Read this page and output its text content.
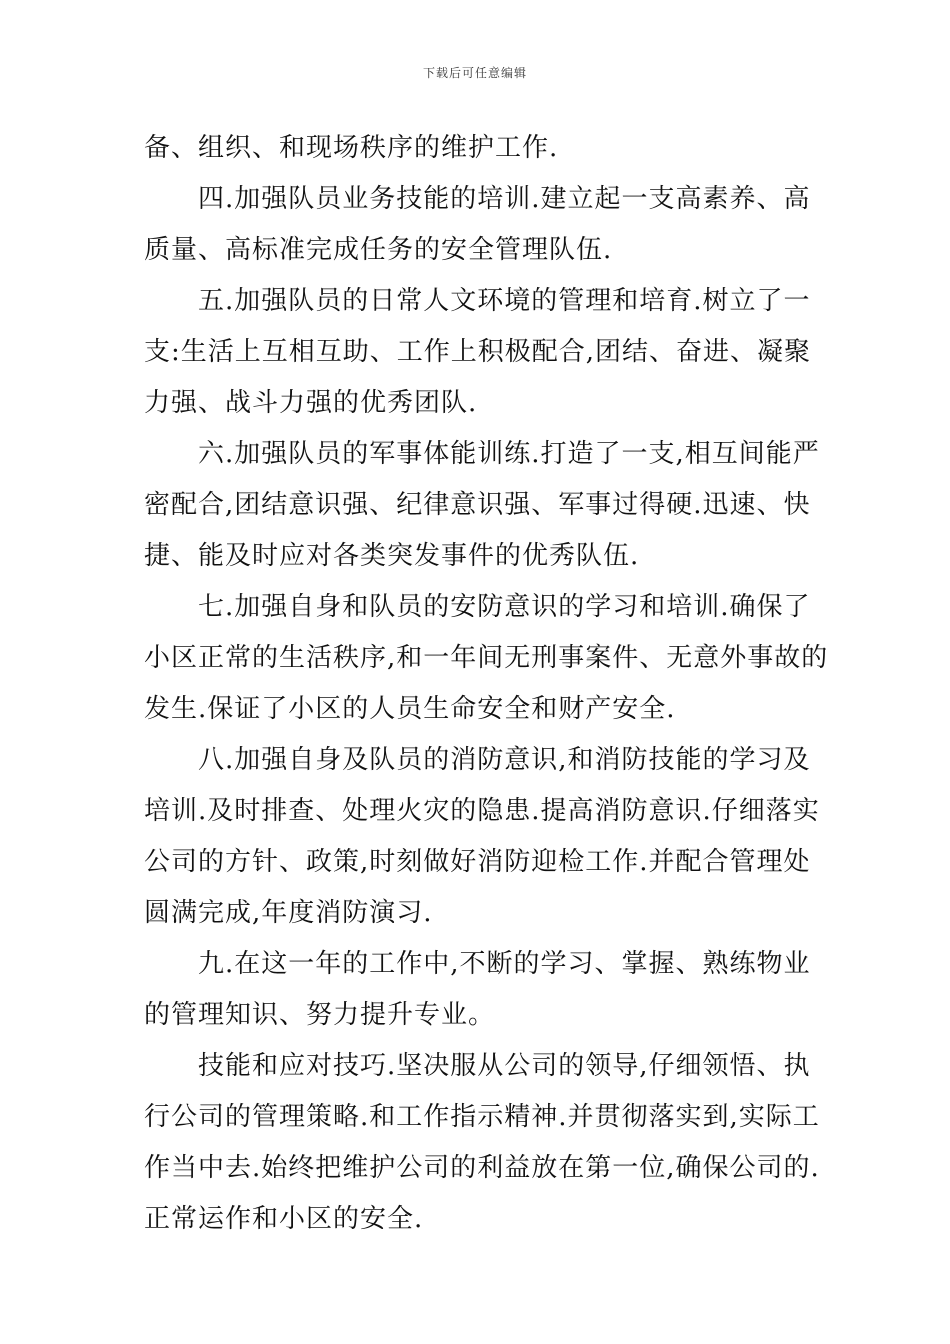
下载后可任意编辑
备、组织、和现场秩序的维护工作.
四.加强队员业务技能的培训.建立起一支高素养、高
质量、高标准完成任务的安全管理队伍.
五.加强队员的日常人文环境的管理和培育.树立了一
支:生活上互相互助、工作上积极配合,团结、奋进、凝聚
力强、战斗力强的优秀团队.
六.加强队员的军事体能训练.打造了一支,相互间能严
密配合,团结意识强、纪律意识强、军事过得硬.迅速、快
捷、能及时应对各类突发事件的优秀队伍.
七.加强自身和队员的安防意识的学习和培训.确保了
小区正常的生活秩序,和一年间无刑事案件、无意外事故的
发生.保证了小区的人员生命安全和财产安全.
八.加强自身及队员的消防意识,和消防技能的学习及
培训.及时排查、处理火灾的隐患.提高消防意识.仔细落实
公司的方针、政策,时刻做好消防迎检工作.并配合管理处
圆满完成,年度消防演习.
九.在这一年的工作中,不断的学习、掌握、熟练物业
的管理知识、努力提升专业。
技能和应对技巧.坚决服从公司的领导,仔细领悟、执
行公司的管理策略.和工作指示精神.并贯彻落实到,实际工
作当中去.始终把维护公司的利益放在第一位,确保公司的.
正常运作和小区的安全.
